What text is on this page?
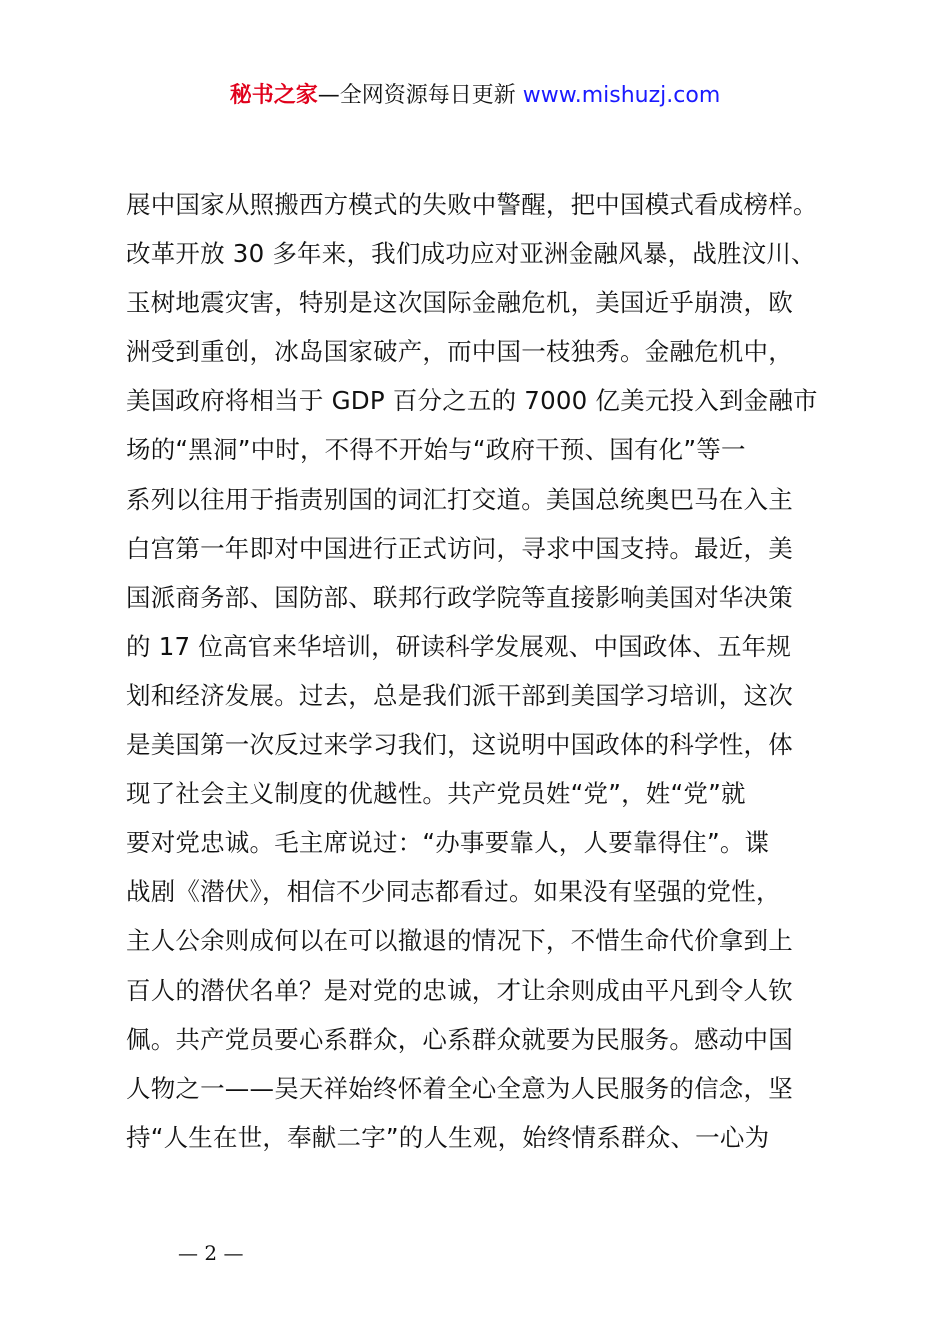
秘书之家—全网资源每日更新 www.mishuzj.com
展中国家从照搬西方模式的失败中警醒，把中国模式看成榜样。
改革开放 30 多年来，我们成功应对亚洲金融风暴，战胜汶川、
玉树地震灾害，特别是这次国际金融危机，美国近乎崩溃，欧
洲受到重创，冰岛国家破产，而中国一枝独秀。金融危机中，
美国政府将相当于 GDP 百分之五的 7000 亿美元投入到金融市
场的“黑洞”中时，不得不开始与“政府干预、国有化”等一
系列以往用于指责别国的词汇打交道。美国总统奥巴马在入主
白宫第一年即对中国进行正式访问，寻求中国支持。最近，美
国派商务部、国防部、联邦行政学院等直接影响美国对华决策
的 17 位高官来华培训，研读科学发展观、中国政体、五年规
划和经济发展。过去，总是我们派干部到美国学习培训，这次
是美国第一次反过来学习我们，这说明中国政体的科学性，体
现了社会主义制度的优越性。共产党员姓“党”，姓“党”就
要对党忠诚。毛主席说过：“办事要靠人，人要靠得住”。谍
战剧《潜伏》，相信不少同志都看过。如果没有坚强的党性，
主人公余则成何以在可以撤退的情况下，不惜生命代价拿到上
百人的潜伏名单？是对党的忠诚，才让余则成由平凡到令人钦
佩。共产党员要心系群众，心系群众就要为民服务。感动中国
人物之一——吴天祥始终怀着全心全意为人民服务的信念，坚
持“人生在世，奉献二字”的人生观，始终情系群众、一心为
— 2 —
